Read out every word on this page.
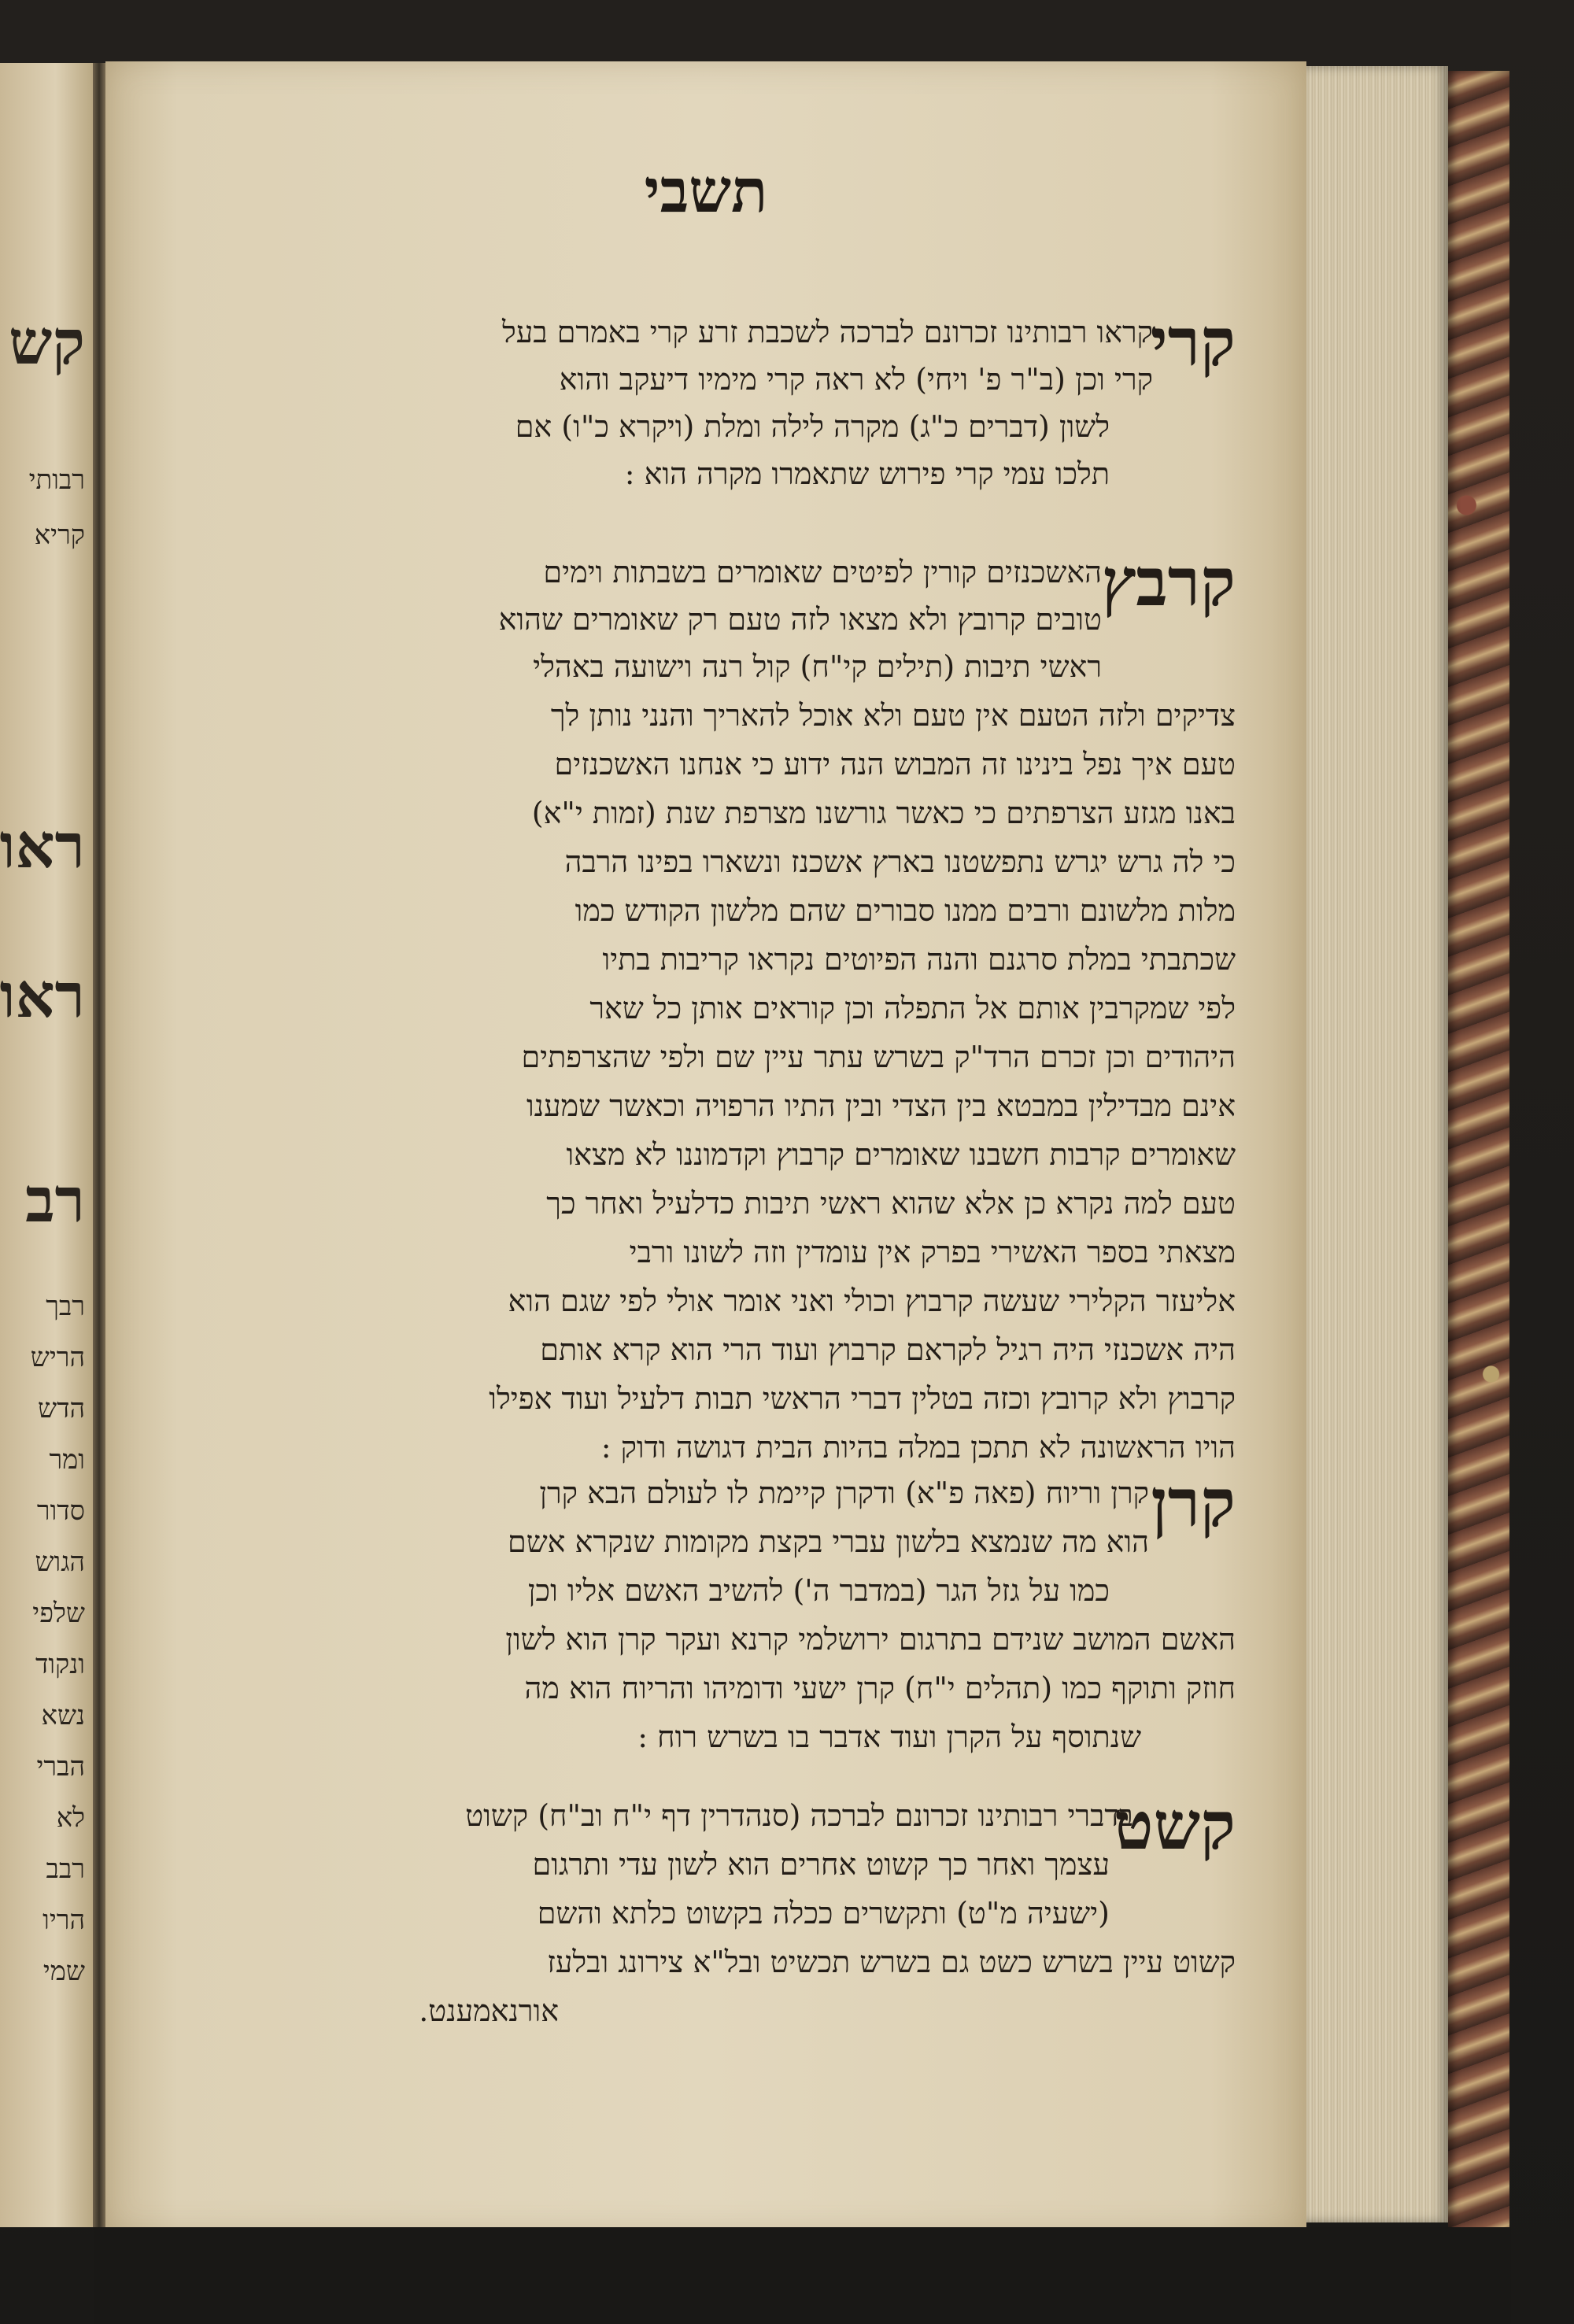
קש
רבותי
קריא
ראו
ראו
רב
רבך
הריש
הדש
ומר
סדור
הגוש
שלפי
ונקוד
נשא
הברי
לא
רבב
הריו
שמי
תשבי
קרי
קראו רבותינו זכרונם לברכה לשכבת זרע קרי באמרם בעל
קרי וכן (ב"ר פ' ויחי) לא ראה קרי מימיו דיעקב והוא
לשון (דברים כ"ג) מקרה לילה ומלת (ויקרא כ"ו) אם
תלכו עמי קרי פירוש שתאמרו מקרה הוא :
קרבץ
האשכנזים קורין לפיטים שאומרים בשבתות וימים
טובים קרובץ ולא מצאו לזה טעם רק שאומרים שהוא
ראשי תיבות (תילים קי"ח) קול רנה וישועה באהלי
צדיקים ולזה הטעם אין טעם ולא אוכל להאריך והנני נותן לך
טעם איך נפל בינינו זה המבוש הנה ידוע כי אנחנו האשכנזים
באנו מגזע הצרפתים כי כאשר גורשנו מצרפת שנת (זמות י"א)
כי לה גרש יגרש נתפשטנו בארץ אשכנז ונשארו בפינו הרבה
מלות מלשונם ורבים ממנו סבורים שהם מלשון הקודש כמו
שכתבתי במלת סרגנם והנה הפיוטים נקראו קריבות בתיו
לפי שמקרבין אותם אל התפלה וכן קוראים אותן כל שאר
היהודים וכן זכרם הרד"ק בשרש עתר עיין שם ולפי שהצרפתים
אינם מבדילין במבטא בין הצדי ובין התיו הרפויה וכאשר שמענו
שאומרים קרבות חשבנו שאומרים קרבוץ וקדמוננו לא מצאו
טעם למה נקרא כן אלא שהוא ראשי תיבות כדלעיל ואחר כך
מצאתי בספר האשירי בפרק אין עומדין וזה לשונו ורבי
אליעזר הקלירי שעשה קרבוץ וכולי ואני אומר אולי לפי שגם הוא
היה אשכנזי היה רגיל לקראם קרבוץ ועוד הרי הוא קרא אותם
קרבוץ ולא קרובץ וכזה בטלין דברי הראשי תבות דלעיל ועוד אפילו
הויו הראשונה לא תתכן במלה בהיות הבית דגושה ודוק :
קרן
קרן וריוח (פאה פ"א) ודקרן קיימת לו לעולם הבא קרן
הוא מה שנמצא בלשון עברי בקצת מקומות שנקרא אשם
כמו על גזל הגר (במדבר ה') להשיב האשם אליו וכן
האשם המושב שנידם בתרגום ירושלמי קרנא ועקר קרן הוא לשון
חוזק ותוקף כמו (תהלים י"ח) קרן ישעי ודומיהו והריוח הוא מה
שנתוסף על הקרן ועוד אדבר בו בשרש רוח :
קשט
בדברי רבותינו זכרונם לברכה (סנהדרין דף י"ח וב"ח) קשוט
עצמך ואחר כך קשוט אחרים הוא לשון עדי ותרגום
(ישעיה מ"ט) ותקשרים ככלה בקשוט כלתא והשם
קשוט עיין בשרש כשט גם בשרש תכשיט ובל"א צירונג ובלעז
אורנאמענט.
